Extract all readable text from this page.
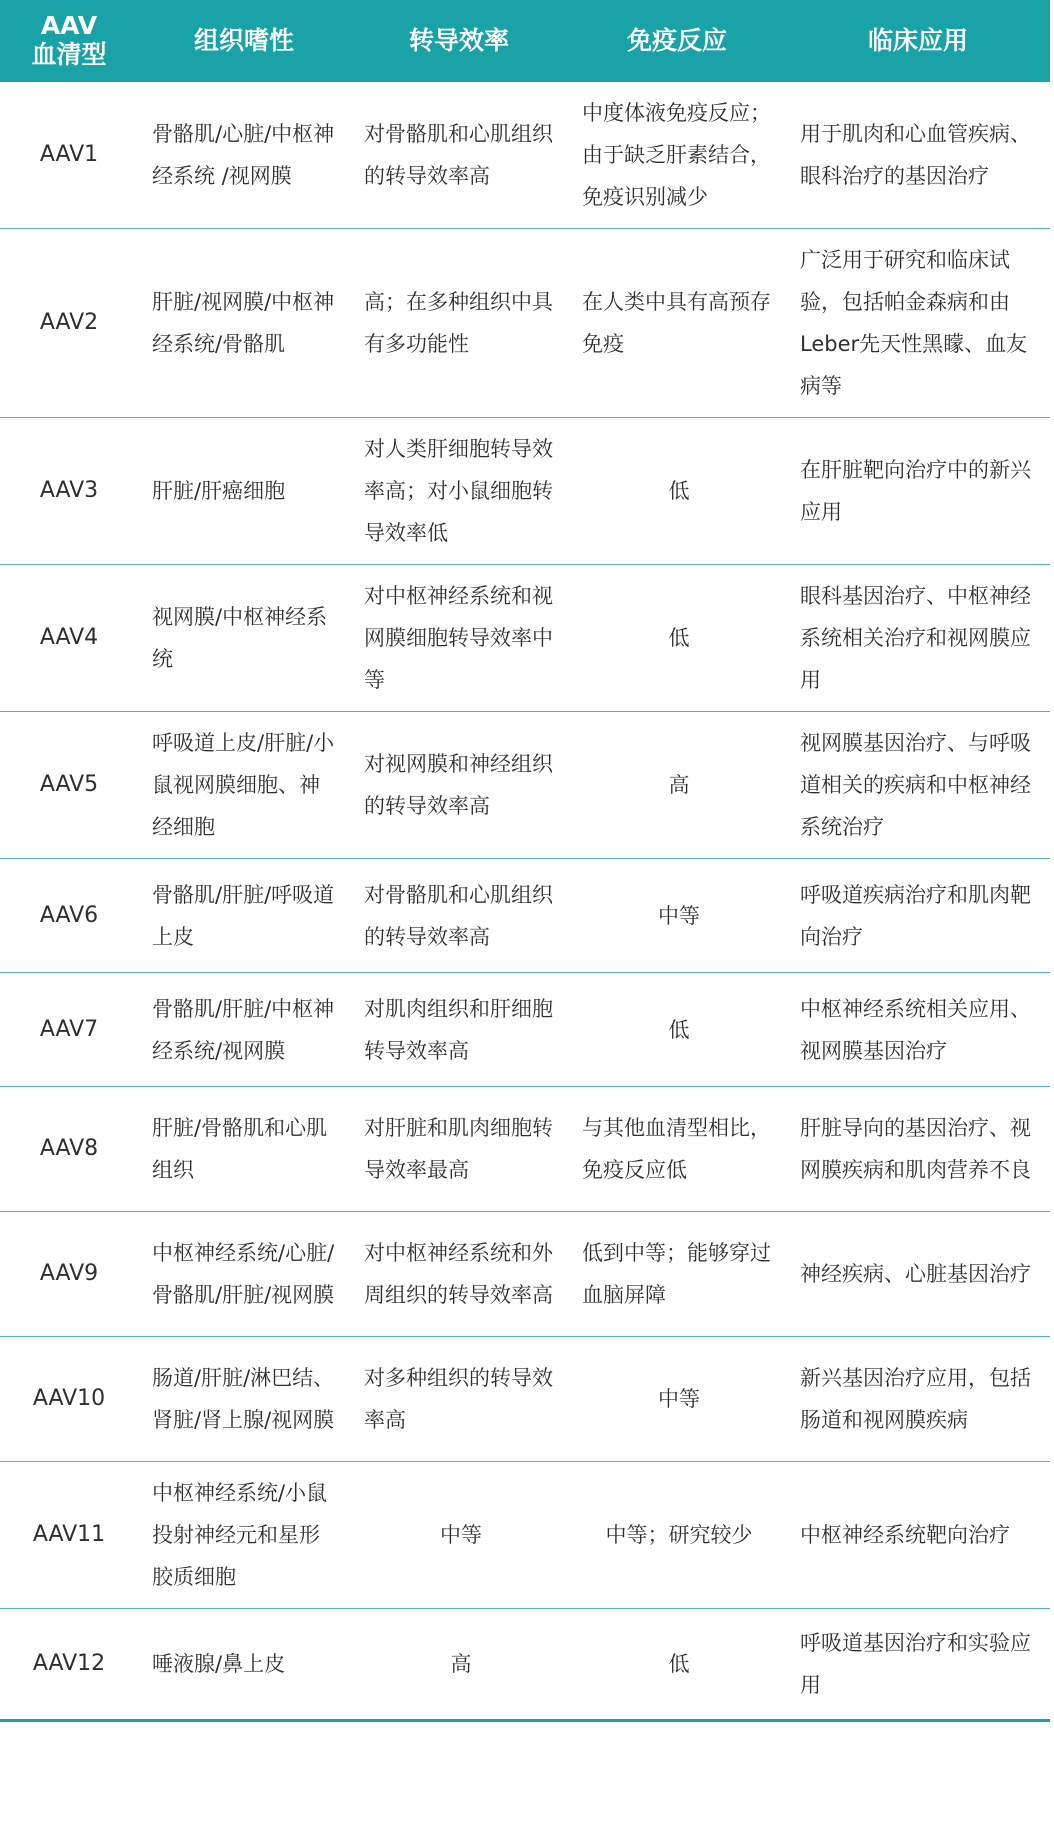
AAV
血清型	组织嗜性	转导效率	免疫反应	临床应用
AAV1	骨骼肌/心脏/中枢神经系统 /视网膜	对骨骼肌和心肌组织的转导效率高	中度体液免疫反应；由于缺乏肝素结合，免疫识别减少	用于肌肉和心血管疾病、眼科治疗的基因治疗
AAV2	肝脏/视网膜/中枢神经系统/骨骼肌	高；在多种组织中具有多功能性	在人类中具有高预存免疫	广泛用于研究和临床试验，包括帕金森病和由Leber先天性黑矇、血友病等
AAV3	肝脏/肝癌细胞	对人类肝细胞转导效率高；对小鼠细胞转导效率低	低	在肝脏靶向治疗中的新兴应用
AAV4	视网膜/中枢神经系统	对中枢神经系统和视网膜细胞转导效率中等	低	眼科基因治疗、中枢神经系统相关治疗和视网膜应用
AAV5	呼吸道上皮/肝脏/小鼠视网膜细胞、神经细胞	对视网膜和神经组织的转导效率高	高	视网膜基因治疗、与呼吸道相关的疾病和中枢神经系统治疗
AAV6	骨骼肌/肝脏/呼吸道上皮	对骨骼肌和心肌组织的转导效率高	中等	呼吸道疾病治疗和肌肉靶向治疗
AAV7	骨骼肌/肝脏/中枢神经系统/视网膜	对肌肉组织和肝细胞转导效率高	低	中枢神经系统相关应用、视网膜基因治疗
AAV8	肝脏/骨骼肌和心肌组织	对肝脏和肌肉细胞转导效率最高	与其他血清型相比，免疫反应低	肝脏导向的基因治疗、视网膜疾病和肌肉营养不良
AAV9	中枢神经系统/心脏/骨骼肌/肝脏/视网膜	对中枢神经系统和外周组织的转导效率高	低到中等；能够穿过血脑屏障	神经疾病、心脏基因治疗
AAV10	肠道/肝脏/淋巴结、肾脏/肾上腺/视网膜	对多种组织的转导效率高	中等	新兴基因治疗应用，包括肠道和视网膜疾病
AAV11	中枢神经系统/小鼠投射神经元和星形胶质细胞	中等	中等；研究较少	中枢神经系统靶向治疗
AAV12	唾液腺/鼻上皮	高	低	呼吸道基因治疗和实验应用
